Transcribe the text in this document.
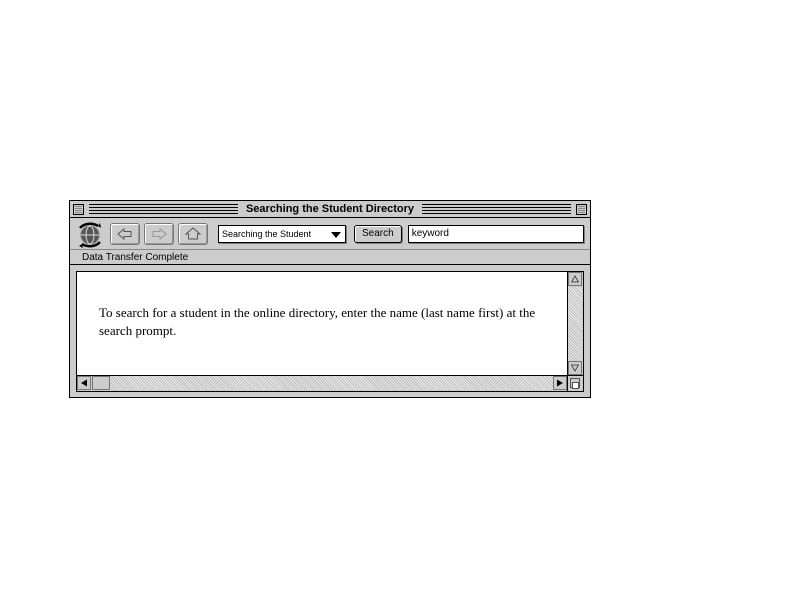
Searching the Student Directory
Searching the Student	Search	keyword
Data Transfer Complete

To search for a student in the online directory, enter the name (last name first) at the search prompt.
